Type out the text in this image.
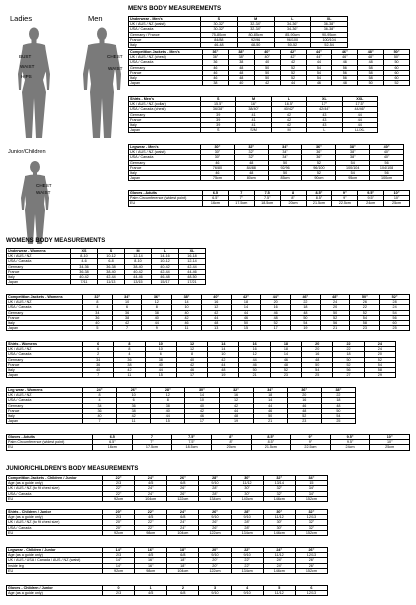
Ladies	Men
BUST
WAIST
HIPS
CHEST
WAIST
Junior/Children
CHEST
WAIST
MEN'S BODY MEASUREMENTS
WOMENS BODY MEASUREMENTS
JUNIOR/CHILDREN'S BODY MEASUREMENTS
Underwear - Men's	S	M	L	XL
UK / AUS / NZ (waist)	30-32"	32-34"	34-36"	36-38"
USA / Canada	30-32"	32-34"	34-36"	36-38"
Germany / France	75-80cm	80-85cm	85-90cm	90-95cm
France	84/88	92/96	96/100	100/104
Italy	46-48	48-50	50-52	52-54
Competition Jackets - Men's	36"	38"	40"	42"	44"	46"	48"	50"
UK / AUS / NZ (chest)	36"	38"	40"	42"	44"	46"	48"	50"
USA / Canada	36	38	40	42	44	46	48	50
Germany	46	48	50	52	54	56	58	60
France	46	48	50	52	54	56	58	60
Italy	46	48	50	52	54	56	58	60
Japan	38	40	42	44	46	48	50	52
Shirts - Men's	S	M	L	XL	XXL
UK / AUS / NZ (collar)	15.5"	16"	16.5"	17"	17.5"
USA / Canada (chest)	36/38"	38/40"	40/42"	42/44"	44/46"
Germany	39	41	42	43	44
France	39	41	42	43	44
Italy	39	41	42	43	44
Japan	S	S/M	M	L	LL/XL
Legwear - Men's	30"	32"	34"	36"	38"	40"
UK / AUS / NZ (waist)	30"	32"	34"	36"	38"	40"
USA / Canada	30"	32"	34"	36"	38"	40"
Germany	46	48	50	52	54	56
France	76/80	84/88	92/96	96/100	100/104	104/108
Italy	46	48	50	52	54	56
Japan	75cm	80cm	85cm	90cm	95cm	100cm
Gloves - Adults	6.5	7	7.5	8	8.5"	9"	9.5"	10"
Palm Circumference (widest point)	6.5"	7"	7.5"	8"	8.5"	9"	9.5"	10"
EU	16cm	17.5cm	18.5cm	20cm	21.5cm	22.5cm	24cm	25cm
Underwear - Womens	XS	S	M	L	XL
UK / AUS / NZ	8-10	10-12	12-14	14-16	16-18
USA / Canada	4-6	6-8	8-10	10-12	12-14
Germany	34-36	36-38	38-40	40-42	42-44
France	36-38	38-40	40-42	42-44	44-46
Italy	40-42	42-44	44-46	46-48	48-50
Japan	7/11	11/13	13/15	15/17	17/21
Competition Jackets - Womens	32"	34"	36"	38"	40"	42"	44"	46"	48"	50"	52"
UK / AUS / NZ	8	10	12	14	16	18	20	22	24	26	28
USA / Canada	4	6	8	10	12	14	16	18	20	22	24
Germany	34	36	38	40	42	44	46	48	50	52	54
France	36	38	40	42	44	46	48	50	52	54	56
Italy	40	42	44	46	48	50	52	54	56	58	60
Japan	5	7	9	11	13	15	17	19	21	23	25
Shirts - Womens	6	8	10	12	14	16	18	20	22	24
UK / AUS / NZ	6	8	10	12	14	16	18	20	22	24
USA / Canada	2	4	6	8	10	12	14	16	18	20
Germany	34	36	38	40	42	44	46	48	50	52
France	36	38	40	42	44	46	48	50	52	54
Italy	40	42	44	46	48	50	52	54	56	58
Japan	7	11	15	17	19	21	23	25	27	29
Leg wear - Womens	24"	26"	28"	30"	32"	34"	36"	38"
UK / AUS / NZ	8	10	12	14	16	18	20	22
USA / Canada	4	6	8	10	12	14	16	18
Germany	34	36	38	40	42	44	46	48
France	36	38	40	42	44	46	48	50
Italy	40	42	44	46	48	50	52	54
Japan	7	11	15	17	19	21	23	25
Gloves - Adults	6.5	7	7.5"	8"	8.5"	9"	9.5"	10"
Palm Circumference (widest point)	6.5"	7"	7.5"	8"	8.5"	9"	9.5"	10"
EU	16cm	17.5cm	18.5cm	20cm	21.5cm	22.5cm	24cm	25cm
Competition Jackets - Children / Junior	22"	24"	26"	28"	30"	32"	34"
Age (as a guide only)	2/3	4/5	6/8	9/10	11/12	13/14	15
UK / AUS / NZ (to fit chest size)	22"	24"	26"	28"	30"	32"	34"
USA / Canada	22"	24"	26"	28"	30"	32"	34"
EU	92cm	104cm	122cm	134cm	140cm	146cm	152cm
Shirts - Children / Junior	20"	22"	24"	26"	28"	30"	32"
Age (as a guide only)	2/3	4/5	6/8	9/10	9/10	11/12	12/13
UK / AUS / NZ (to fit chest size)	20"	22"	24"	26"	28"	30"	32"
USA / Canada	20"	22"	24"	26"	28"	30"	32"
EU	92cm	98cm	104cm	122cm	134cm	146cm	152cm
Legwear - Children / Junior	14"	16"	18"	20"	22"	24"	26"
Age (as a guide only)	2/3	4/5	6/8	9/10	9/10	11/12	12/13
UK / AUS / USA / Canada / AUS / NZ (waist)	14"	16"	18"	20"	22"	24"	26"
Inside leg	14"	16"	18"	20"	22"	24"	26"
EU	92cm	98cm	104cm	122cm	134cm	146cm	152cm
Gloves - Children / Junior	0	1	2	3	4	5	6
Age (as a guide only)	2/3	4/5	6/8	9/10	9/10	11/12	12/13
